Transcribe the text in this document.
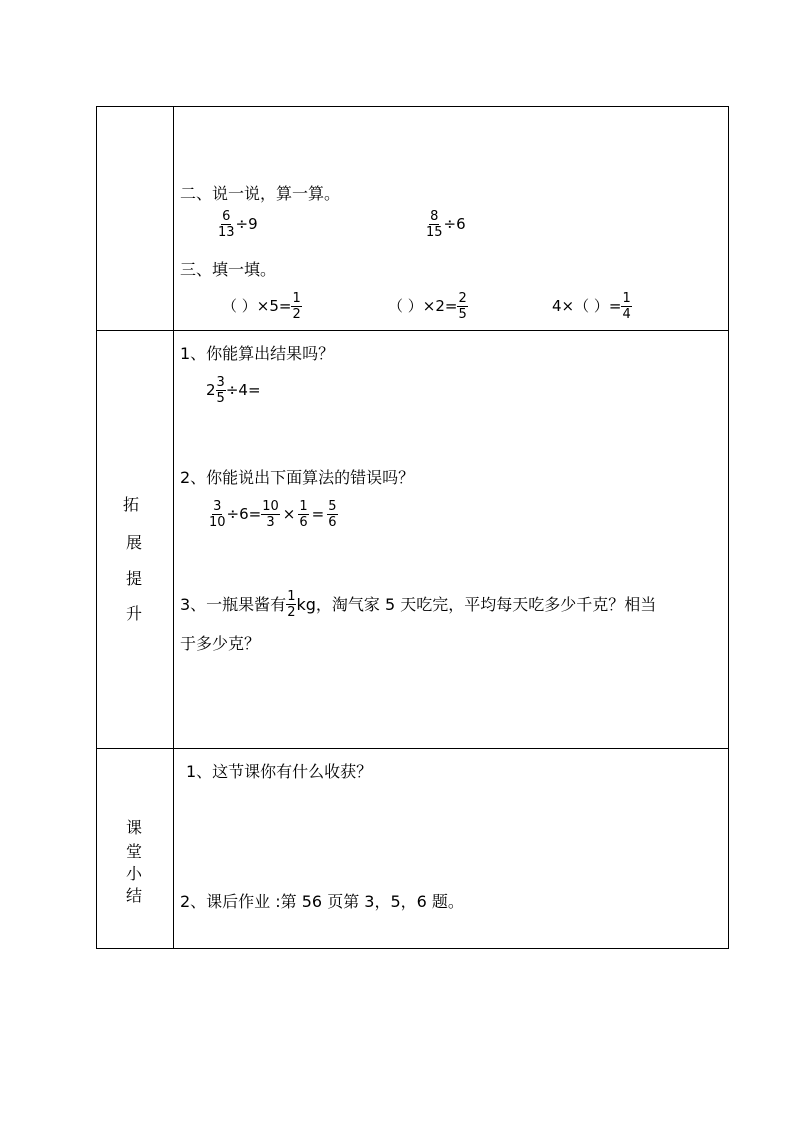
二、说一说，算一算。
$\frac{6}{13} \div 9$	$\frac{8}{15} \div 6$
三、填一填。
（ ） $\times 5= \frac{1}{2}$	（ ） $\times 2= \frac{2}{5}$	4× （ ） = $\frac{1}{4}$
拓
展
提
升
1、你能算出结果吗？
$2 \frac{3}{5} \div 4=$
2、你能说出下面算法的错误吗？
$\frac{3}{10} \div 6= \frac{10}{3} \times \frac{1}{6} = \frac{5}{6}$
3、一瓶果酱有 $\frac{1}{2}$ kg，淘气家 5 天吃完，平均每天吃多少千克？相当
于多少克？
课
堂
小
结
1、这节课你有什么收获？
2、课后作业 :第 56 页第 3，5，6 题。
